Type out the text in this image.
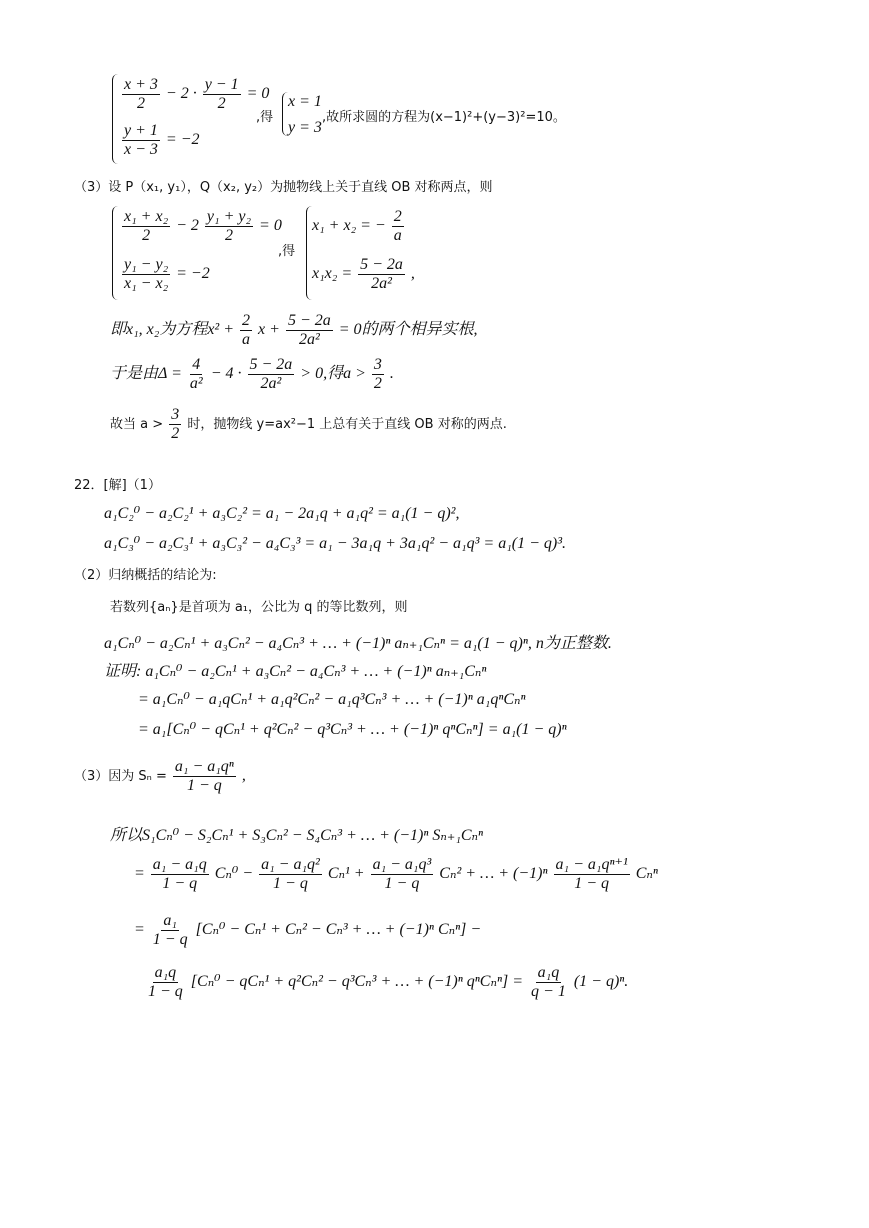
$\frac{x + 3}{2} - 2 \cdot \frac{y - 1}{2} = 0$
$\frac{y + 1}{x - 3} = -2$
,得
x = 1
y = 3
,故所求圆的方程为(x−1)²+(y−3)²=10。
（3）设 P（x₁, y₁），Q（x₂, y₂）为抛物线上关于直线 OB 对称两点，则
$\frac{\text{x₁ + x₂}}{2} - 2 \frac{\text{y₁ + y₂}}{2} = 0$
$\frac{\text{y₁ − y₂}}{\text{x₁ − x₂}} = -2$
,得
x₁ + x₂ = − $\frac{2}{a}$
$x_1x_2 = \frac{5 - 2a}{\text{2a²}}$ ,
即x₁, x₂为方程$x^2 + \frac{2}{a}$ $x + \frac{5 - 2a}{\text{2a²}} = 0$的两个相异实根,
于是由$\Delta = \frac{4}{\text{a²}} - 4 \cdot \frac{5 - 2a}{\text{2a²}} > 0$,得$a > \frac{3}{2}$ .
故当 $a > \frac{3}{2}$ 时，抛物线 y=ax²−1 上总有关于直线 OB 对称的两点.
22．[解]（1）
a₁C₂⁰ − a₂C₂¹ + a₃C₂² = a₁ − 2a₁q + a₁q² = a₁(1 − q)²,
a₁C₃⁰ − a₂C₃¹ + a₃C₃² − a₄C₃³ = a₁ − 3a₁q + 3a₁q² − a₁q³ = a₁(1 − q)³.
（2）归纳概括的结论为:
若数列{aₙ}是首项为 a₁，公比为 q 的等比数列，则
a₁Cₙ⁰ − a₂Cₙ¹ + a₃Cₙ² − a₄Cₙ³ + … + (−1)ⁿ aₙ₊₁Cₙⁿ = a₁(1 − q)ⁿ, n为正整数.
证明: a₁Cₙ⁰ − a₂Cₙ¹ + a₃Cₙ² − a₄Cₙ³ + … + (−1)ⁿ aₙ₊₁Cₙⁿ
= a₁Cₙ⁰ − a₁qCₙ¹ + a₁q²Cₙ² − a₁q³Cₙ³ + … + (−1)ⁿ a₁qⁿCₙⁿ
= a₁[Cₙ⁰ − qCₙ¹ + q²Cₙ² − q³Cₙ³ + … + (−1)ⁿ qⁿCₙⁿ] = a₁(1 − q)ⁿ
（3）因为 $S_n = \frac{\text{a₁ − a₁qⁿ}}{1 - q}$ ,
所以S₁Cₙ⁰ − S₂Cₙ¹ + S₃Cₙ² − S₄Cₙ³ + … + (−1)ⁿ Sₙ₊₁Cₙⁿ
= $\frac{\text{a₁ − a₁q}}{1 - q} C_n^0 - \frac{\text{a₁ − a₁q²}}{1 - q} C_n^1 + \frac{\text{a₁ − a₁q³}}{1 - q} C_n^2$ + … + $(-1)^n \frac{\text{a₁ − a₁qⁿ⁺¹}}{1 - q}$ Cₙⁿ
= $\frac{\text{a₁}}{1 - q} [C_n^0 - C_n^1 + C_n^2 - C_n^3$ + … + (−1)ⁿ Cₙⁿ] −
$\frac{\text{a₁q}}{1 - q} [C_n^0 - qC_n^1 + q^2C_n^2 - q^3C_n^3$ + … + (−1)ⁿ $q^nC_n^n] = \frac{\text{a₁q}}{q - 1} (1 - q)^n$.
